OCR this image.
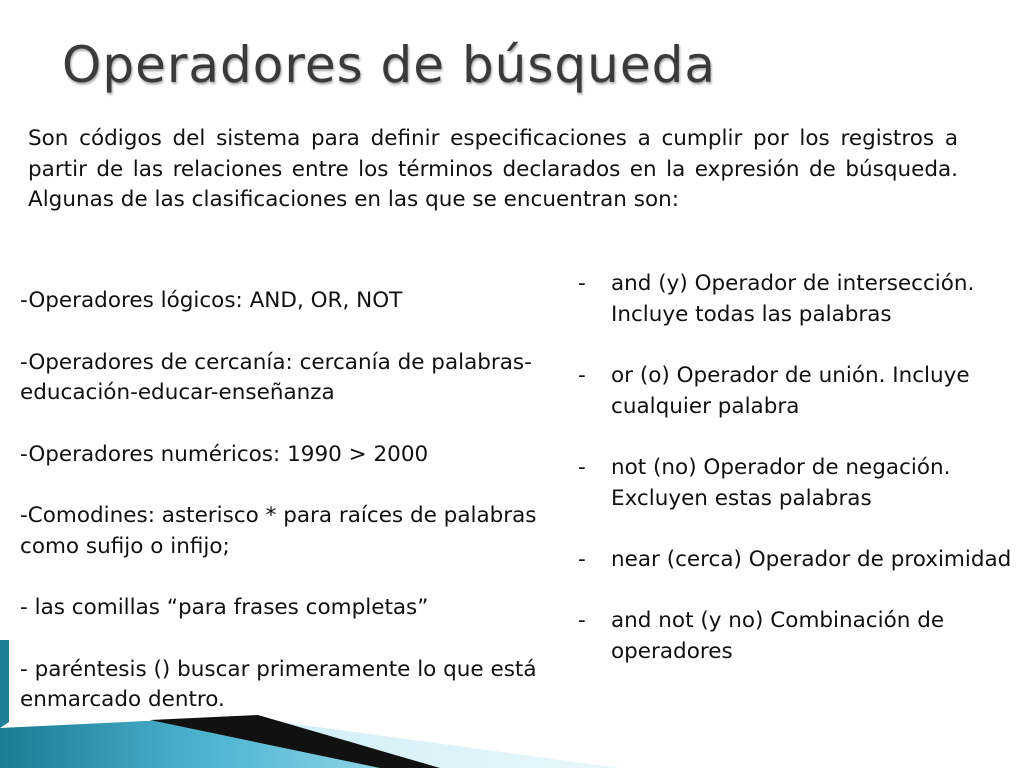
Operadores de búsqueda

Son códigos del sistema para definir especificaciones a cumplir por los registros a partir de las relaciones entre los términos declarados en la expresión de búsqueda. Algunas de las clasificaciones en las que se encuentran son:

-Operadores lógicos: AND, OR, NOT
-Operadores de cercanía: cercanía de palabras- educación-educar-enseñanza
-Operadores numéricos: 1990 > 2000
-Comodines: asterisco * para raíces de palabras como sufijo o infijo;
- las comillas “para frases completas”
- paréntesis () buscar primeramente lo que está enmarcado dentro.
-	and (y) Operador de intersección. Incluye todas las palabras
-	or (o) Operador de unión. Incluye cualquier palabra
-	not (no) Operador de negación. Excluyen estas palabras
-	near (cerca) Operador de proximidad
-	and not (y no) Combinación de operadores
